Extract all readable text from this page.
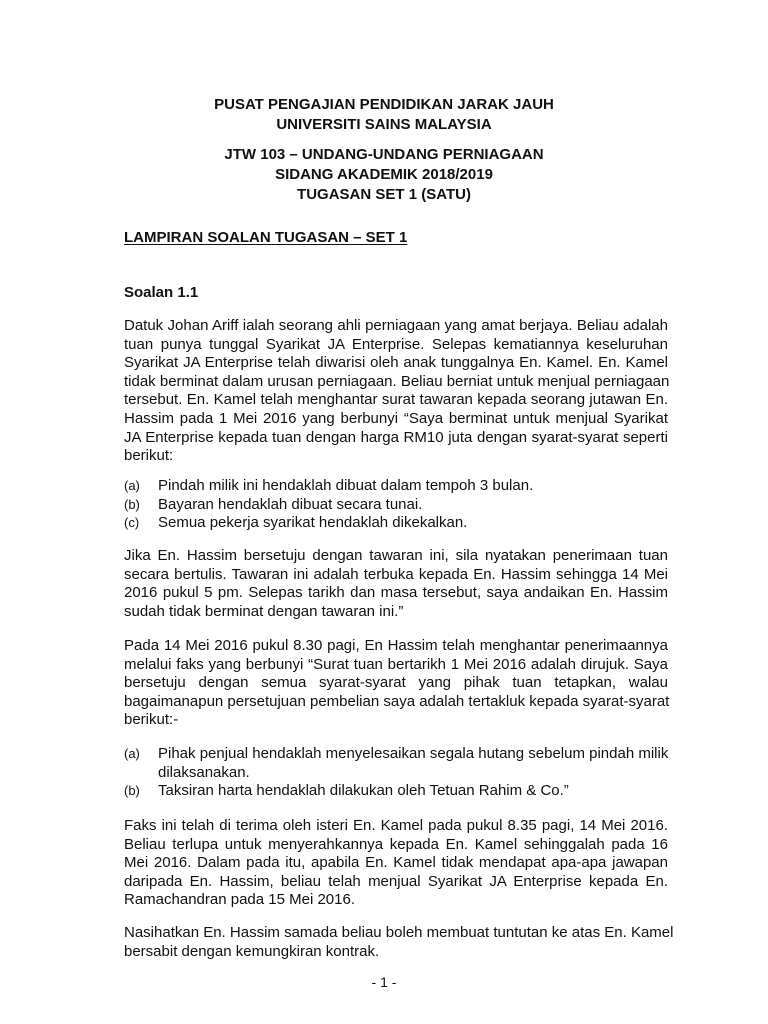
PUSAT PENGAJIAN PENDIDIKAN JARAK JAUH
UNIVERSITI SAINS MALAYSIA
JTW 103 – UNDANG-UNDANG PERNIAGAAN
SIDANG AKADEMIK 2018/2019
TUGASAN SET 1 (SATU)
LAMPIRAN SOALAN TUGASAN – SET 1
Soalan 1.1
Datuk Johan Ariff ialah seorang ahli perniagaan yang amat berjaya. Beliau adalah
tuan punya tunggal Syarikat JA Enterprise. Selepas kematiannya keseluruhan
Syarikat JA Enterprise telah diwarisi oleh anak tunggalnya En. Kamel. En. Kamel
tidak berminat dalam urusan perniagaan. Beliau berniat untuk menjual perniagaan
tersebut. En. Kamel telah menghantar surat tawaran kepada seorang jutawan En.
Hassim pada 1 Mei 2016 yang berbunyi “Saya berminat untuk menjual Syarikat
JA Enterprise kepada tuan dengan harga RM10 juta dengan syarat-syarat seperti
berikut:
(a) Pindah milik ini hendaklah dibuat dalam tempoh 3 bulan.
(b) Bayaran hendaklah dibuat secara tunai.
(c) Semua pekerja syarikat hendaklah dikekalkan.
Jika En. Hassim bersetuju dengan tawaran ini, sila nyatakan penerimaan tuan
secara bertulis. Tawaran ini adalah terbuka kepada En. Hassim sehingga 14 Mei
2016 pukul 5 pm. Selepas tarikh dan masa tersebut, saya andaikan En. Hassim
sudah tidak berminat dengan tawaran ini.”
Pada 14 Mei 2016 pukul 8.30 pagi, En Hassim telah menghantar penerimaannya
melalui faks yang berbunyi “Surat tuan bertarikh 1 Mei 2016 adalah dirujuk. Saya
bersetuju dengan semua syarat-syarat yang pihak tuan tetapkan, walau
bagaimanapun persetujuan pembelian saya adalah tertakluk kepada syarat-syarat
berikut:-
(a) Pihak penjual hendaklah menyelesaikan segala hutang sebelum pindah milik
dilaksanakan.
(b) Taksiran harta hendaklah dilakukan oleh Tetuan Rahim & Co.”
Faks ini telah di terima oleh isteri En. Kamel pada pukul 8.35 pagi, 14 Mei 2016.
Beliau terlupa untuk menyerahkannya kepada En. Kamel sehinggalah pada 16
Mei 2016. Dalam pada itu, apabila En. Kamel tidak mendapat apa-apa jawapan
daripada En. Hassim, beliau telah menjual Syarikat JA Enterprise kepada En.
Ramachandran pada 15 Mei 2016.
Nasihatkan En. Hassim samada beliau boleh membuat tuntutan ke atas En. Kamel
bersabit dengan kemungkiran kontrak.
- 1 -
